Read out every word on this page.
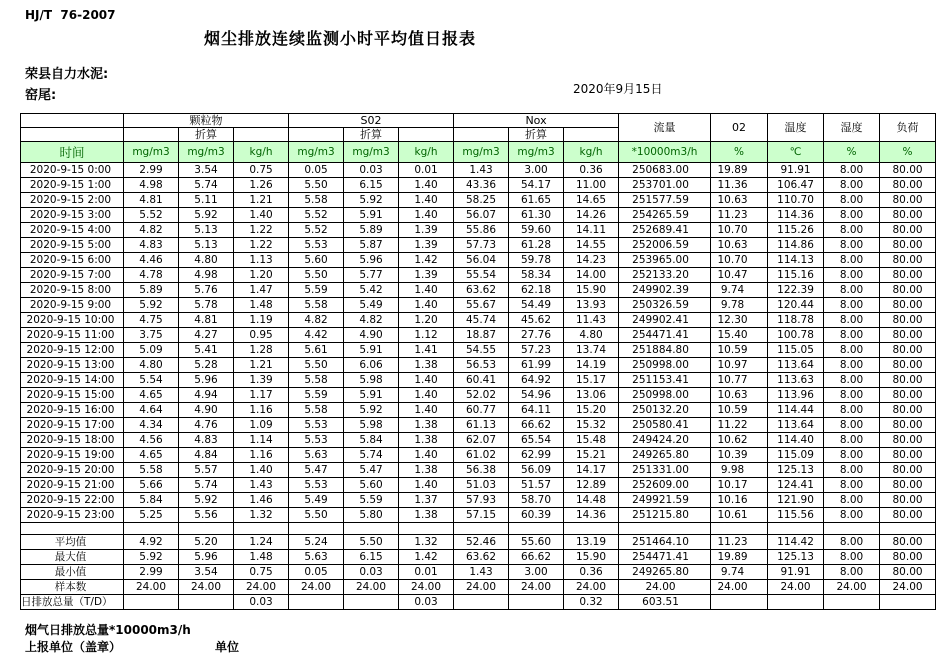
HJ/T  76-2007
烟尘排放连续监测小时平均值日报表
荣县自力水泥:
窑尾:	2020年9月15日
	颗粒物			S02			Nox			流量	02	温度	湿度	负荷
		折算			折算			折算						
时间	mg/m3	mg/m3	kg/h	mg/m3	mg/m3	kg/h	mg/m3	mg/m3	kg/h	*10000m3/h	%	℃	%	%
2020-9-15 0:00	2.99	3.54	0.75	0.05	0.03	0.01	1.43	3.00	0.36	250683.00	19.89	91.91	8.00	80.00
2020-9-15 1:00	4.98	5.74	1.26	5.50	6.15	1.40	43.36	54.17	11.00	253701.00	11.36	106.47	8.00	80.00
2020-9-15 2:00	4.81	5.11	1.21	5.58	5.92	1.40	58.25	61.65	14.65	251577.59	10.63	110.70	8.00	80.00
2020-9-15 3:00	5.52	5.92	1.40	5.52	5.91	1.40	56.07	61.30	14.26	254265.59	11.23	114.36	8.00	80.00
2020-9-15 4:00	4.82	5.13	1.22	5.52	5.89	1.39	55.86	59.60	14.11	252689.41	10.70	115.26	8.00	80.00
2020-9-15 5:00	4.83	5.13	1.22	5.53	5.87	1.39	57.73	61.28	14.55	252006.59	10.63	114.86	8.00	80.00
2020-9-15 6:00	4.46	4.80	1.13	5.60	5.96	1.42	56.04	59.78	14.23	253965.00	10.70	114.13	8.00	80.00
2020-9-15 7:00	4.78	4.98	1.20	5.50	5.77	1.39	55.54	58.34	14.00	252133.20	10.47	115.16	8.00	80.00
2020-9-15 8:00	5.89	5.76	1.47	5.59	5.42	1.40	63.62	62.18	15.90	249902.39	9.74	122.39	8.00	80.00
2020-9-15 9:00	5.92	5.78	1.48	5.58	5.49	1.40	55.67	54.49	13.93	250326.59	9.78	120.44	8.00	80.00
2020-9-15 10:00	4.75	4.81	1.19	4.82	4.82	1.20	45.74	45.62	11.43	249902.41	12.30	118.78	8.00	80.00
2020-9-15 11:00	3.75	4.27	0.95	4.42	4.90	1.12	18.87	27.76	4.80	254471.41	15.40	100.78	8.00	80.00
2020-9-15 12:00	5.09	5.41	1.28	5.61	5.91	1.41	54.55	57.23	13.74	251884.80	10.59	115.05	8.00	80.00
2020-9-15 13:00	4.80	5.28	1.21	5.50	6.06	1.38	56.53	61.99	14.19	250998.00	10.97	113.64	8.00	80.00
2020-9-15 14:00	5.54	5.96	1.39	5.58	5.98	1.40	60.41	64.92	15.17	251153.41	10.77	113.63	8.00	80.00
2020-9-15 15:00	4.65	4.94	1.17	5.59	5.91	1.40	52.02	54.96	13.06	250998.00	10.63	113.96	8.00	80.00
2020-9-15 16:00	4.64	4.90	1.16	5.58	5.92	1.40	60.77	64.11	15.20	250132.20	10.59	114.44	8.00	80.00
2020-9-15 17:00	4.34	4.76	1.09	5.53	5.98	1.38	61.13	66.62	15.32	250580.41	11.22	113.64	8.00	80.00
2020-9-15 18:00	4.56	4.83	1.14	5.53	5.84	1.38	62.07	65.54	15.48	249424.20	10.62	114.40	8.00	80.00
2020-9-15 19:00	4.65	4.84	1.16	5.63	5.74	1.40	61.02	62.99	15.21	249265.80	10.39	115.09	8.00	80.00
2020-9-15 20:00	5.58	5.57	1.40	5.47	5.47	1.38	56.38	56.09	14.17	251331.00	9.98	125.13	8.00	80.00
2020-9-15 21:00	5.66	5.74	1.43	5.53	5.60	1.40	51.03	51.57	12.89	252609.00	10.17	124.41	8.00	80.00
2020-9-15 22:00	5.84	5.92	1.46	5.49	5.59	1.37	57.93	58.70	14.48	249921.59	10.16	121.90	8.00	80.00
2020-9-15 23:00	5.25	5.56	1.32	5.50	5.80	1.38	57.15	60.39	14.36	251215.80	10.61	115.56	8.00	80.00

平均值	4.92	5.20	1.24	5.24	5.50	1.32	52.46	55.60	13.19	251464.10	11.23	114.42	8.00	80.00
最大值	5.92	5.96	1.48	5.63	6.15	1.42	63.62	66.62	15.90	254471.41	19.89	125.13	8.00	80.00
最小值	2.99	3.54	0.75	0.05	0.03	0.01	1.43	3.00	0.36	249265.80	9.74	91.91	8.00	80.00
样本数	24.00	24.00	24.00	24.00	24.00	24.00	24.00	24.00	24.00	24.00	24.00	24.00	24.00	24.00
日排放总量（T/D）			0.03			0.03			0.32	603.51				
烟气日排放总量*10000m3/h
上报单位（盖章）	单位
